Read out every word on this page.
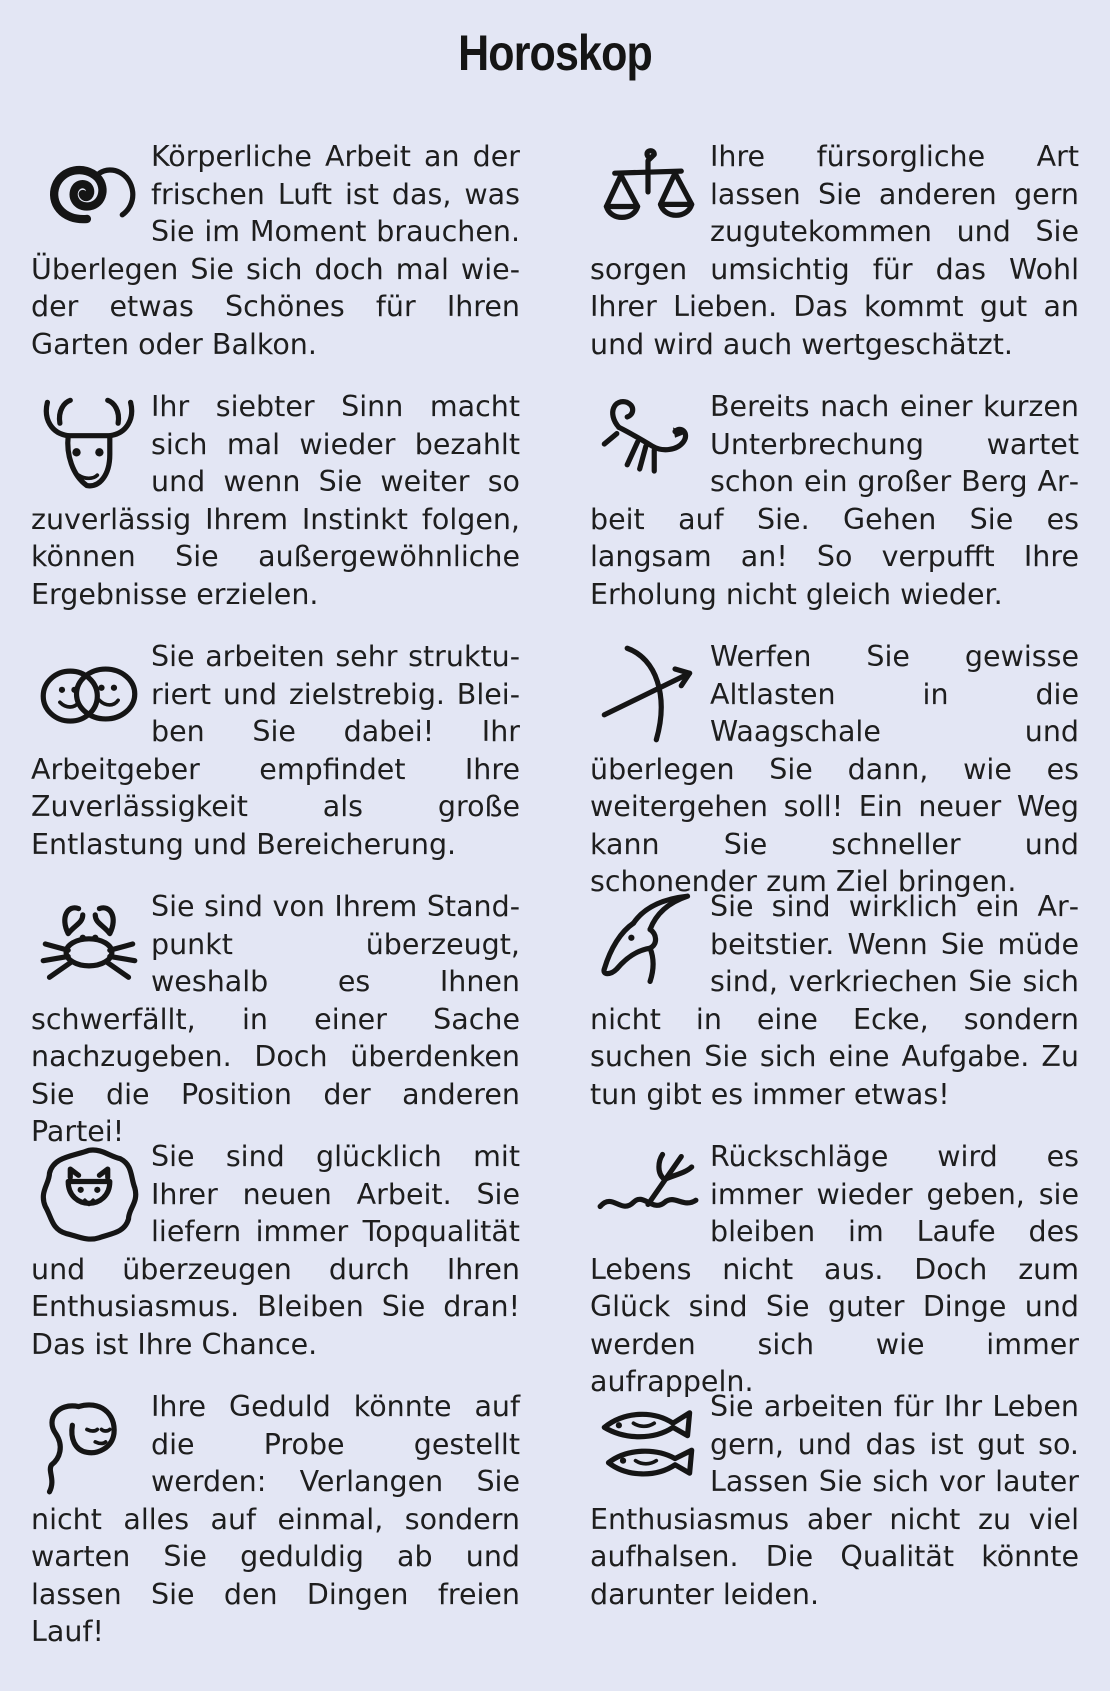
Horoskop
Körperliche Arbeit an der frischen Luft ist das, was Sie im Moment brauchen. Überlegen Sie sich doch mal wieder etwas Schönes für Ihren Garten oder Balkon.
Ihr siebter Sinn macht sich mal wieder bezahlt und wenn Sie weiter so zuverlässig Ihrem Instinkt folgen, können Sie außergewöhnliche Ergebnisse erzielen.
Sie arbeiten sehr strukturiert und zielstrebig. Bleiben Sie dabei! Ihr Arbeitgeber empfindet Ihre Zuverlässigkeit als große Entlastung und Bereicherung.
Sie sind von Ihrem Standpunkt überzeugt, weshalb es Ihnen schwerfällt, in einer Sache nachzugeben. Doch überdenken Sie die Position der anderen Partei!
Sie sind glücklich mit Ihrer neuen Arbeit. Sie liefern immer Topqualität und überzeugen durch Ihren Enthusiasmus. Bleiben Sie dran! Das ist Ihre Chance.
Ihre Geduld könnte auf die Probe gestellt werden: Verlangen Sie nicht alles auf einmal, sondern warten Sie geduldig ab und lassen Sie den Dingen freien Lauf!
Ihre fürsorgliche Art lassen Sie anderen gern zugutekommen und Sie sorgen umsichtig für das Wohl Ihrer Lieben. Das kommt gut an und wird auch wertgeschätzt.
Bereits nach einer kurzen Unterbrechung wartet schon ein großer Berg Arbeit auf Sie. Gehen Sie es langsam an! So verpufft Ihre Erholung nicht gleich wieder.
Werfen Sie gewisse Altlasten in die Waagschale und überlegen Sie dann, wie es weitergehen soll! Ein neuer Weg kann Sie schneller und schonender zum Ziel bringen.
Sie sind wirklich ein Arbeitstier. Wenn Sie müde sind, verkriechen Sie sich nicht in eine Ecke, sondern suchen Sie sich eine Aufgabe. Zu tun gibt es immer etwas!
Rückschläge wird es immer wieder geben, sie bleiben im Laufe des Lebens nicht aus. Doch zum Glück sind Sie guter Dinge und werden sich wie immer aufrappeln.
Sie arbeiten für Ihr Leben gern, und das ist gut so. Lassen Sie sich vor lauter Enthusiasmus aber nicht zu viel aufhalsen. Die Qualität könnte darunter leiden.
